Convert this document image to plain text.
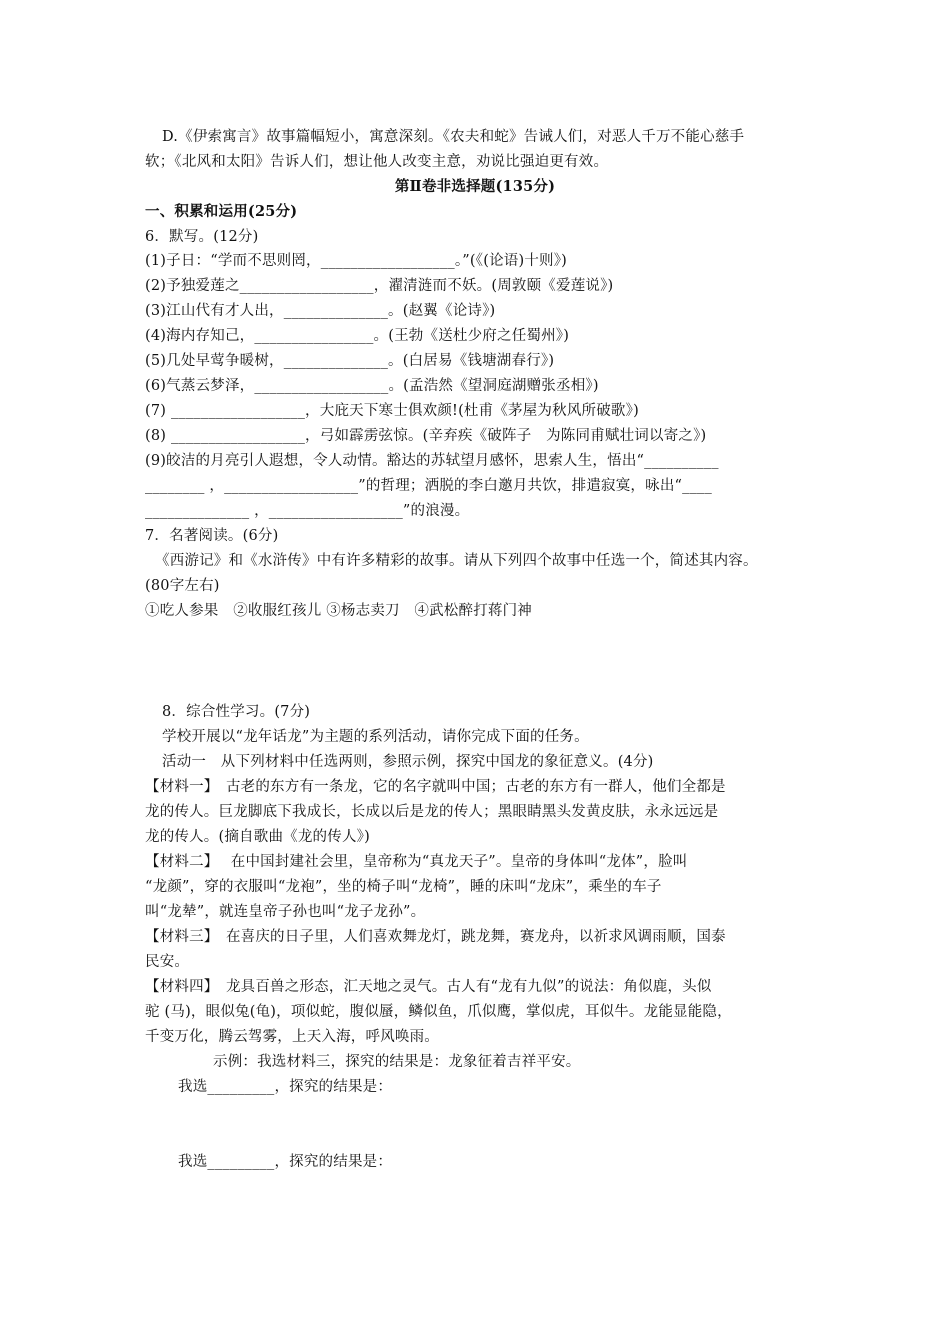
D.《伊索寓言》故事篇幅短小，寓意深刻。《农夫和蛇》告诫人们，对恶人千万不能心慈手
软；《北风和太阳》告诉人们，想让他人改变主意，劝说比强迫更有效。
第Ⅱ卷非选择题(135分)
一、积累和运用(25分)
6．默写。(12分)
(1)子日：“学而不思则罔，__________________。”(《(论语)十则》)
(2)予独爱莲之__________________，濯清涟而不妖。(周敦颐《爱莲说》)
(3)江山代有才人出，______________。(赵翼《论诗》)
(4)海内存知己，________________。(王勃《送杜少府之任蜀州》)
(5)几处早莺争暖树，______________。(白居易《钱塘湖春行》)
(6)气蒸云梦泽，__________________。(孟浩然《望洞庭湖赠张丞相》)
(7) __________________，大庇天下寒士俱欢颜!(杜甫《茅屋为秋风所破歌》)
(8) __________________，弓如霹雳弦惊。(辛弃疾《破阵子　为陈同甫赋壮词以寄之》)
(9)皎洁的月亮引人遐想，令人动情。豁达的苏轼望月感怀，思索人生，悟出“__________
________ ，__________________”的哲理；洒脱的李白邀月共饮，排遣寂寞，咏出“____
______________ ，__________________”的浪漫。
7．名著阅读。(6分)
《西游记》和《水浒传》中有许多精彩的故事。请从下列四个故事中任选一个，简述其内容。
(80字左右)
①吃人参果　②收服红孩儿 ③杨志卖刀　④武松醉打蒋门神
8．综合性学习。(7分)
学校开展以“龙年话龙”为主题的系列活动，请你完成下面的任务。
活动一　从下列材料中任选两则，参照示例，探究中国龙的象征意义。(4分)
【材料一】　古老的东方有一条龙，它的名字就叫中国；古老的东方有一群人，他们全都是
龙的传人。巨龙脚底下我成长，长成以后是龙的传人；黑眼睛黑头发黄皮肤，永永远远是
龙的传人。(摘自歌曲《龙的传人》)
【材料二】　 在中国封建社会里，皇帝称为“真龙天子”。皇帝的身体叫“龙体”，脸叫
“龙颜”，穿的衣服叫“龙袍”，坐的椅子叫“龙椅”，睡的床叫“龙床”，乘坐的车子
叫“龙辇”，就连皇帝子孙也叫“龙子龙孙”。
【材料三】　在喜庆的日子里，人们喜欢舞龙灯，跳龙舞，赛龙舟，以祈求风调雨顺，国泰
民安。
【材料四】　龙具百兽之形态，汇天地之灵气。古人有“龙有九似”的说法：角似鹿，头似
驼 (马)，眼似兔(龟)，项似蛇，腹似蜃，鳞似鱼，爪似鹰，掌似虎，耳似牛。龙能显能隐，
千变万化，腾云驾雾，上天入海，呼风唤雨。
示例：我选材料三，探究的结果是：龙象征着吉祥平安。
我选_________，探究的结果是：
我选_________，探究的结果是：
